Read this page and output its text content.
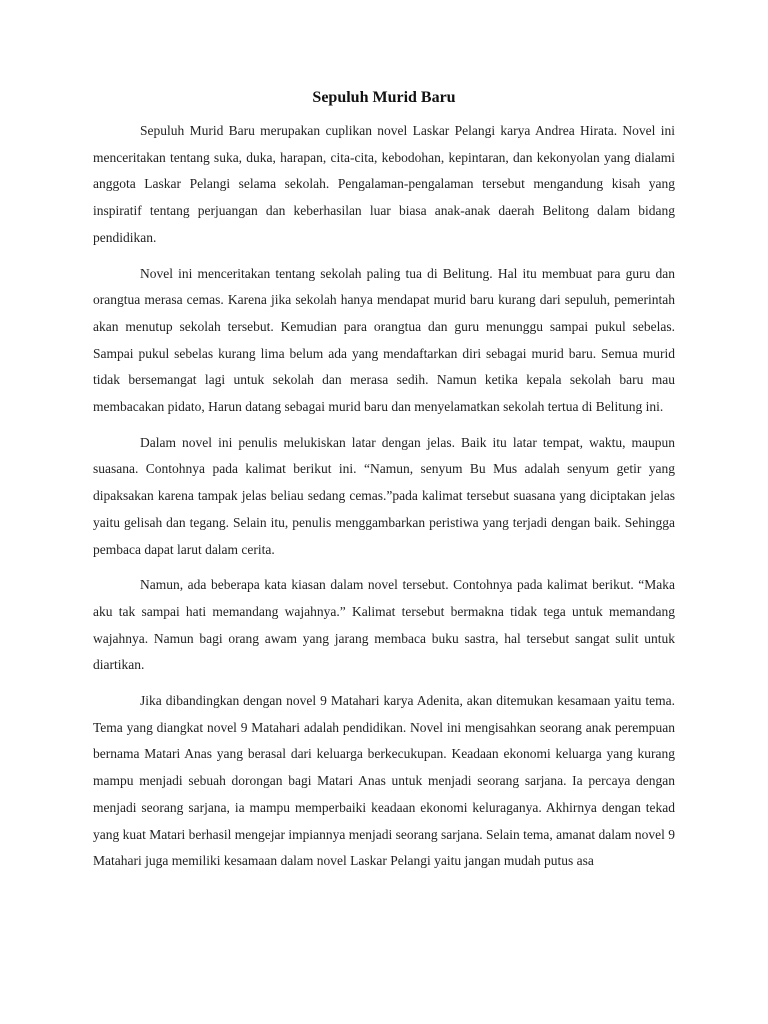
Sepuluh Murid Baru

Sepuluh Murid Baru merupakan cuplikan novel Laskar Pelangi karya Andrea Hirata. Novel ini menceritakan tentang suka, duka, harapan, cita-cita, kebodohan, kepintaran, dan kekonyolan yang dialami anggota Laskar Pelangi selama sekolah. Pengalaman-pengalaman tersebut mengandung kisah yang inspiratif tentang perjuangan dan keberhasilan luar biasa anak-anak daerah Belitong dalam bidang pendidikan.

Novel ini menceritakan tentang sekolah paling tua di Belitung. Hal itu membuat para guru dan orangtua merasa cemas. Karena jika sekolah hanya mendapat murid baru kurang dari sepuluh, pemerintah akan menutup sekolah tersebut. Kemudian para orangtua dan guru menunggu sampai pukul sebelas. Sampai pukul sebelas kurang lima belum ada yang mendaftarkan diri sebagai murid baru. Semua murid tidak bersemangat lagi untuk sekolah dan merasa sedih. Namun ketika kepala sekolah baru mau membacakan pidato, Harun datang sebagai murid baru dan menyelamatkan sekolah tertua di Belitung ini.

Dalam novel ini penulis melukiskan latar dengan jelas. Baik itu latar tempat, waktu, maupun suasana. Contohnya pada kalimat berikut ini. “Namun, senyum Bu Mus adalah senyum getir yang dipaksakan karena tampak jelas beliau sedang cemas.”pada kalimat tersebut suasana yang diciptakan jelas yaitu gelisah dan tegang. Selain itu, penulis menggambarkan peristiwa yang terjadi dengan baik. Sehingga pembaca dapat larut dalam cerita.

Namun, ada beberapa kata kiasan dalam novel tersebut. Contohnya pada kalimat berikut. “Maka aku tak sampai hati memandang wajahnya.” Kalimat tersebut bermakna tidak tega untuk memandang wajahnya. Namun bagi orang awam yang jarang membaca buku sastra, hal tersebut sangat sulit untuk diartikan.

Jika dibandingkan dengan novel 9 Matahari karya Adenita, akan ditemukan kesamaan yaitu tema. Tema yang diangkat novel 9 Matahari adalah pendidikan. Novel ini mengisahkan seorang anak perempuan bernama Matari Anas yang berasal dari keluarga berkecukupan. Keadaan ekonomi keluarga yang kurang mampu menjadi sebuah dorongan bagi Matari Anas untuk menjadi seorang sarjana. Ia percaya dengan menjadi seorang sarjana, ia mampu memperbaiki keadaan ekonomi keluraganya. Akhirnya dengan tekad yang kuat Matari berhasil mengejar impiannya menjadi seorang sarjana. Selain tema, amanat dalam novel 9 Matahari juga memiliki kesamaan dalam novel Laskar Pelangi yaitu jangan mudah putus asa
